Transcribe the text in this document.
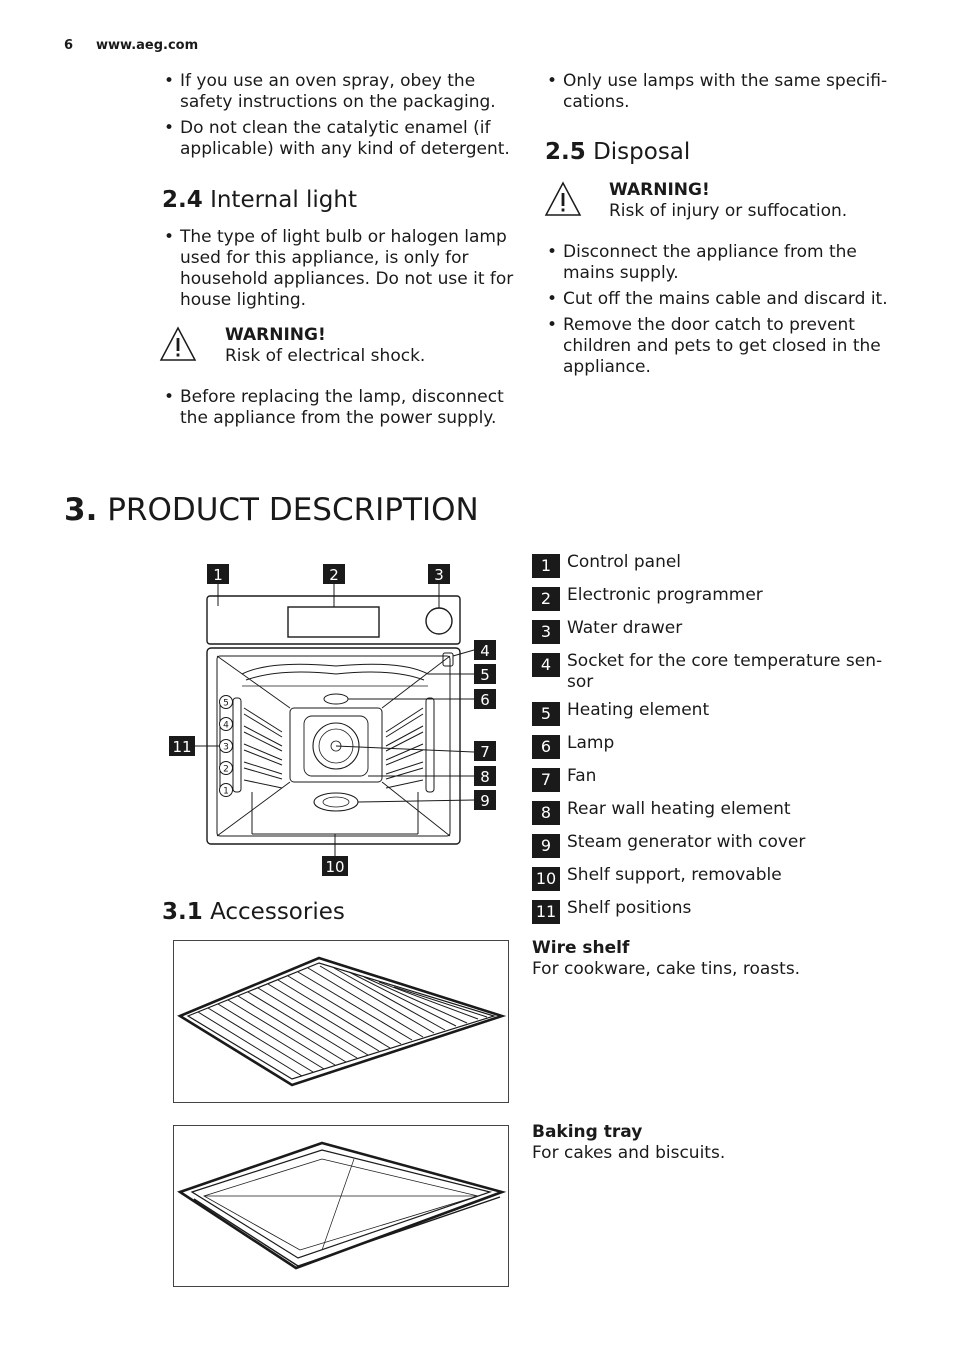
6 www.aeg.com
• If you use an oven spray, obey the safety instructions on the packaging.
• Do not clean the catalytic enamel (if applicable) with any kind of detergent.
2.4 Internal light
• The type of light bulb or halogen lamp used for this appliance, is only for household appliances. Do not use it for house lighting.
WARNING!
Risk of electrical shock.
• Before replacing the lamp, disconnect the appliance from the power supply.
• Only use lamps with the same specifi-cations.
2.5 Disposal
WARNING!
Risk of injury or suffocation.
• Disconnect the appliance from the mains supply.
• Cut off the mains cable and discard it.
• Remove the door catch to prevent children and pets to get closed in the appliance.
3. PRODUCT DESCRIPTION
5
4
3
2
1
1	2	3
4
5
6
7
8
9
10
11
1 Control panel
2 Electronic programmer
3 Water drawer
4 Socket for the core temperature sen-sor
5 Heating element
6 Lamp
7 Fan
8 Rear wall heating element
9 Steam generator with cover
10 Shelf support, removable
11 Shelf positions
3.1 Accessories
Wire shelf
For cookware, cake tins, roasts.
Baking tray
For cakes and biscuits.
